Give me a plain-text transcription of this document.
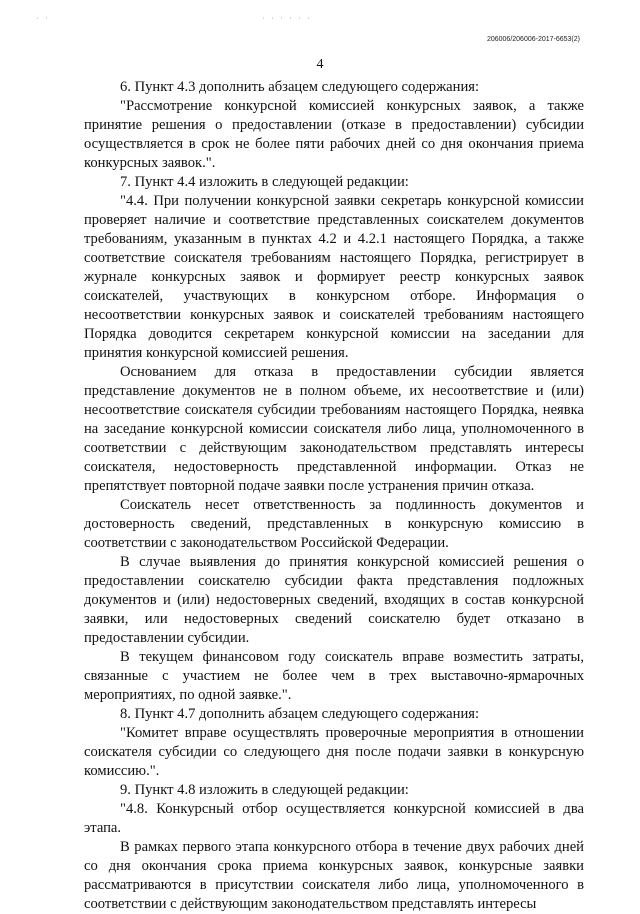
· ·	· · · · · ·
206006/206006-2017-6653(2)
4

6. Пункт 4.3 дополнить абзацем следующего содержания:

"Рассмотрение конкурсной комиссией конкурсных заявок, а также принятие решения о предоставлении (отказе в предоставлении) субсидии осуществляется в срок не более пяти рабочих дней со дня окончания приема конкурсных заявок.".

7. Пункт 4.4 изложить в следующей редакции:

"4.4. При получении конкурсной заявки секретарь конкурсной комиссии проверяет наличие и соответствие представленных соискателем документов требованиям, указанным в пунктах 4.2 и 4.2.1 настоящего Порядка, а также соответствие соискателя требованиям настоящего Порядка, регистрирует в журнале конкурсных заявок и формирует реестр конкурсных заявок соискателей, участвующих в конкурсном отборе. Информация о несоответствии конкурсных заявок и соискателей требованиям настоящего Порядка доводится секретарем конкурсной комиссии на заседании для принятия конкурсной комиссией решения.

Основанием для отказа в предоставлении субсидии является представление документов не в полном объеме, их несоответствие и (или) несоответствие соискателя субсидии требованиям настоящего Порядка, неявка на заседание конкурсной комиссии соискателя либо лица, уполномоченного в соответствии с действующим законодательством представлять интересы соискателя, недостоверность представленной информации. Отказ не препятствует повторной подаче заявки после устранения причин отказа.

Соискатель несет ответственность за подлинность документов и достоверность сведений, представленных в конкурсную комиссию в соответствии с законодательством Российской Федерации.

В случае выявления до принятия конкурсной комиссией решения о предоставлении соискателю субсидии факта представления подложных документов и (или) недостоверных сведений, входящих в состав конкурсной заявки, или недостоверных сведений соискателю будет отказано в предоставлении субсидии.

В текущем финансовом году соискатель вправе возместить затраты, связанные с участием не более чем в трех выставочно-ярмарочных мероприятиях, по одной заявке.".

8. Пункт 4.7 дополнить абзацем следующего содержания:

"Комитет вправе осуществлять проверочные мероприятия в отношении соискателя субсидии со следующего дня после подачи заявки в конкурсную комиссию.".

9. Пункт 4.8 изложить в следующей редакции:

"4.8. Конкурсный отбор осуществляется конкурсной комиссией в два этапа.

В рамках первого этапа конкурсного отбора в течение двух рабочих дней со дня окончания срока приема конкурсных заявок, конкурсные заявки рассматриваются в присутствии соискателя либо лица, уполномоченного в соответствии с действующим законодательством представлять интересы
